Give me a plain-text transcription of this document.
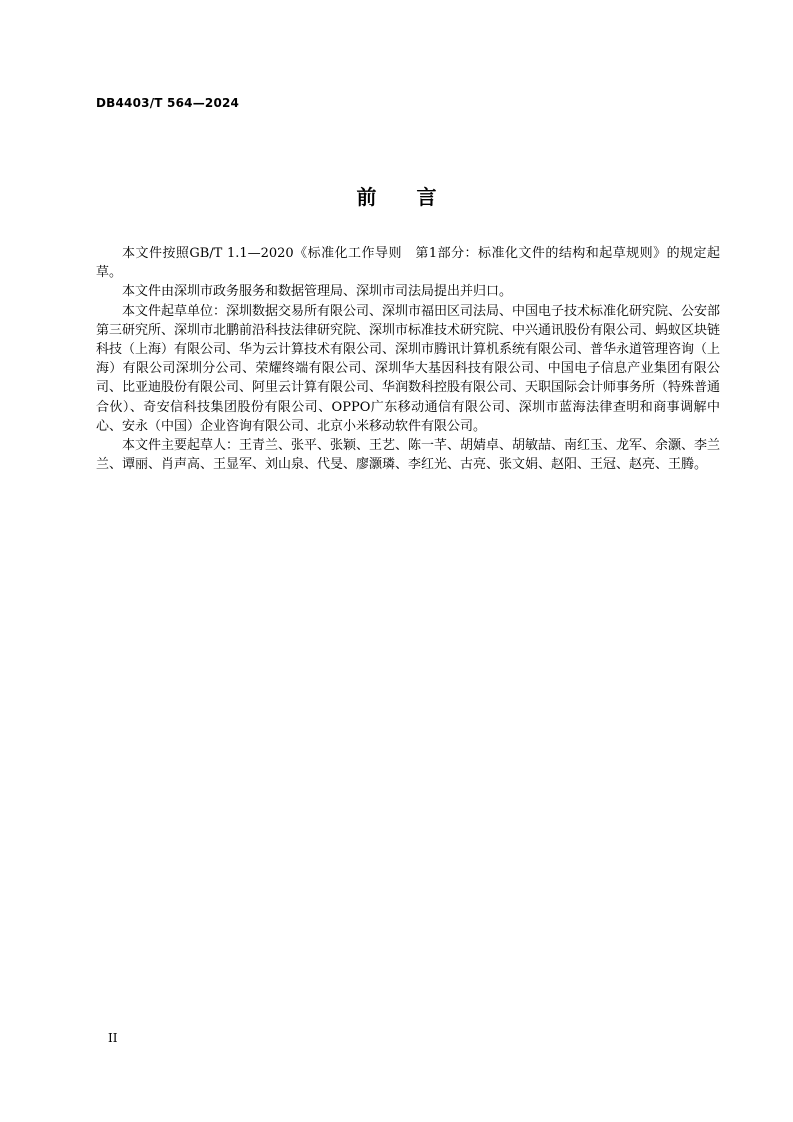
DB4403/T 564—2024
前言

本文件按照GB/T 1.1—2020《标准化工作导则　第1部分：标准化文件的结构和起草规则》的规定起草。

本文件由深圳市政务服务和数据管理局、深圳市司法局提出并归口。

本文件起草单位：深圳数据交易所有限公司、深圳市福田区司法局、中国电子技术标准化研究院、公安部第三研究所、深圳市北鹏前沿科技法律研究院、深圳市标准技术研究院、中兴通讯股份有限公司、蚂蚁区块链科技（上海）有限公司、华为云计算技术有限公司、深圳市腾讯计算机系统有限公司、普华永道管理咨询（上海）有限公司深圳分公司、荣耀终端有限公司、深圳华大基因科技有限公司、中国电子信息产业集团有限公司、比亚迪股份有限公司、阿里云计算有限公司、华润数科控股有限公司、天职国际会计师事务所（特殊普通合伙）、奇安信科技集团股份有限公司、OPPO广东移动通信有限公司、深圳市蓝海法律查明和商事调解中心、安永（中国）企业咨询有限公司、北京小米移动软件有限公司。

本文件主要起草人：王青兰、张平、张颖、王艺、陈一芊、胡婧卓、胡敏喆、南红玉、龙军、余灏、李兰兰、谭丽、肖声高、王显军、刘山泉、代旻、廖灏璘、李红光、古亮、张文娟、赵阳、王冠、赵亮、王腾。

II
